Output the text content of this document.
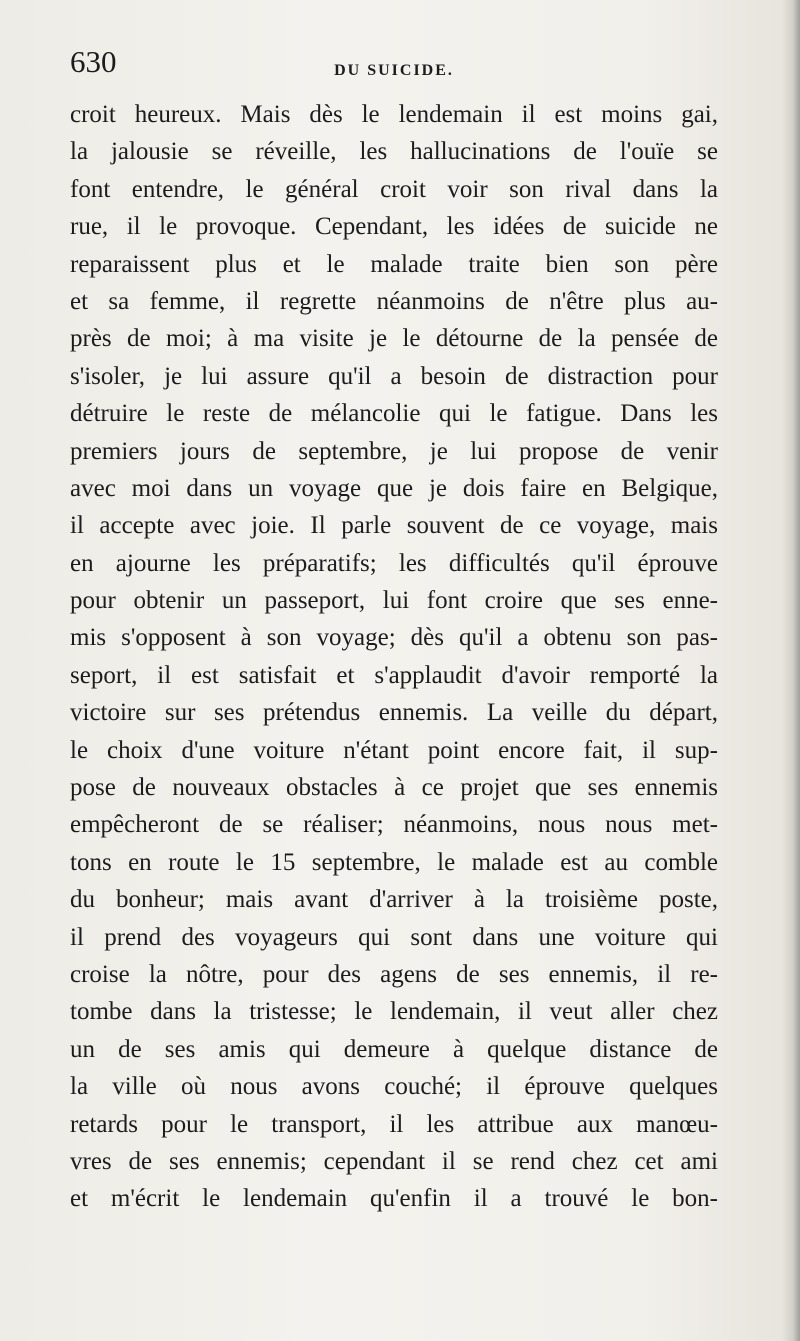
630	DU SUICIDE.
croit heureux. Mais dès le lendemain il est moins gai,
la jalousie se réveille, les hallucinations de l'ouïe se
font entendre, le général croit voir son rival dans la
rue, il le provoque. Cependant, les idées de suicide ne
reparaissent plus et le malade traite bien son père
et sa femme, il regrette néanmoins de n'être plus au-
près de moi; à ma visite je le détourne de la pensée de
s'isoler, je lui assure qu'il a besoin de distraction pour
détruire le reste de mélancolie qui le fatigue. Dans les
premiers jours de septembre, je lui propose de venir
avec moi dans un voyage que je dois faire en Belgique,
il accepte avec joie. Il parle souvent de ce voyage, mais
en ajourne les préparatifs; les difficultés qu'il éprouve
pour obtenir un passeport, lui font croire que ses enne-
mis s'opposent à son voyage; dès qu'il a obtenu son pas-
seport, il est satisfait et s'applaudit d'avoir remporté la
victoire sur ses prétendus ennemis. La veille du départ,
le choix d'une voiture n'étant point encore fait, il sup-
pose de nouveaux obstacles à ce projet que ses ennemis
empêcheront de se réaliser; néanmoins, nous nous met-
tons en route le 15 septembre, le malade est au comble
du bonheur; mais avant d'arriver à la troisième poste,
il prend des voyageurs qui sont dans une voiture qui
croise la nôtre, pour des agens de ses ennemis, il re-
tombe dans la tristesse; le lendemain, il veut aller chez
un de ses amis qui demeure à quelque distance de
la ville où nous avons couché; il éprouve quelques
retards pour le transport, il les attribue aux manœu-
vres de ses ennemis; cependant il se rend chez cet ami
et m'écrit le lendemain qu'enfin il a trouvé le bon-
